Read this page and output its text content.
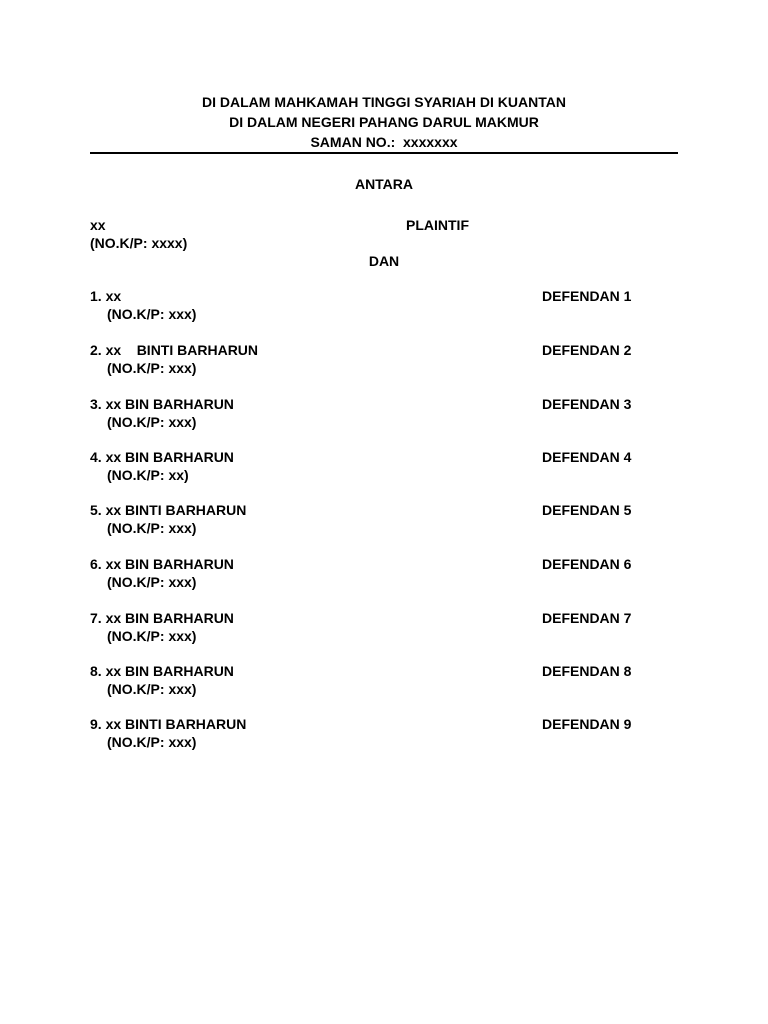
DI DALAM MAHKAMAH TINGGI SYARIAH DI KUANTAN
DI DALAM NEGERI PAHANG DARUL MAKMUR
SAMAN NO.:  xxxxxxx
ANTARA
xx
(NO.K/P: xxxx)
PLAINTIF
DAN
1. xx
(NO.K/P: xxx)
DEFENDAN 1
2. xx    BINTI BARHARUN
(NO.K/P: xxx)
DEFENDAN 2
3. xx BIN BARHARUN
(NO.K/P: xxx)
DEFENDAN 3
4. xx BIN BARHARUN
(NO.K/P: xx)
DEFENDAN 4
5. xx BINTI BARHARUN
(NO.K/P: xxx)
DEFENDAN 5
6. xx BIN BARHARUN
(NO.K/P: xxx)
DEFENDAN 6
7. xx BIN BARHARUN
(NO.K/P: xxx)
DEFENDAN 7
8. xx BIN BARHARUN
(NO.K/P: xxx)
DEFENDAN 8
9. xx BINTI BARHARUN
(NO.K/P: xxx)
DEFENDAN 9
